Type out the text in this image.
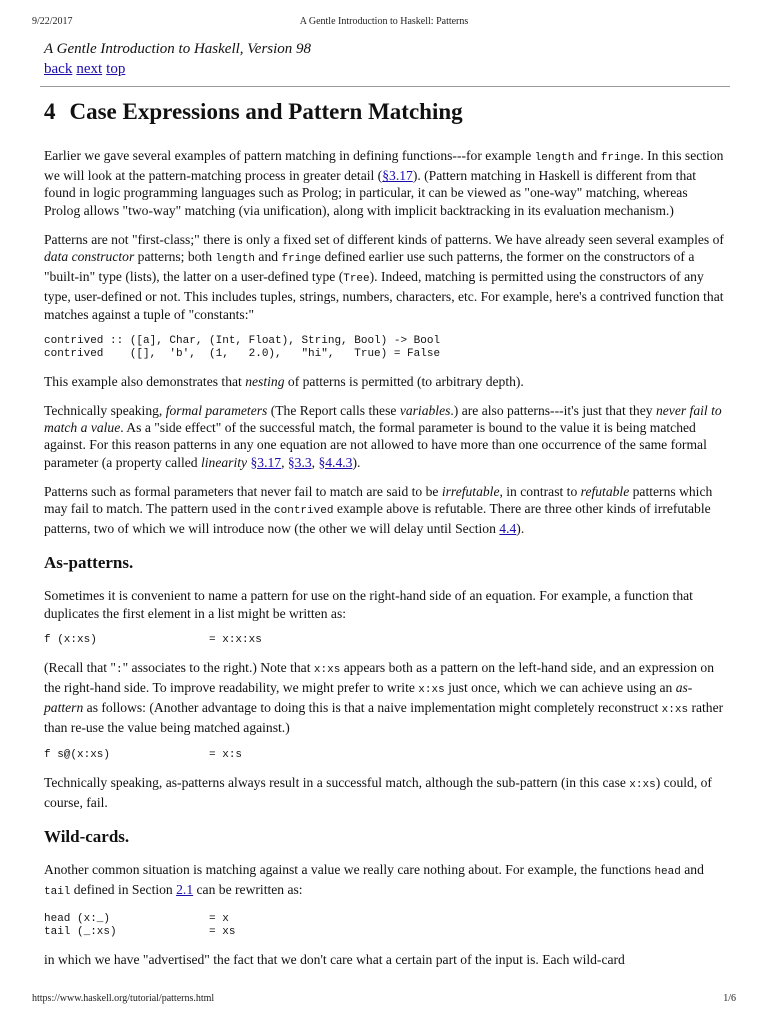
9/22/2017	A Gentle Introduction to Haskell: Patterns
A Gentle Introduction to Haskell, Version 98
back next top
4 Case Expressions and Pattern Matching

Earlier we gave several examples of pattern matching in defining functions---for example length and fringe. In this section we will look at the pattern-matching process in greater detail (§3.17). (Pattern matching in Haskell is different from that found in logic programming languages such as Prolog; in particular, it can be viewed as "one-way" matching, whereas Prolog allows "two-way" matching (via unification), along with implicit backtracking in its evaluation mechanism.)

Patterns are not "first-class;" there is only a fixed set of different kinds of patterns. We have already seen several examples of data constructor patterns; both length and fringe defined earlier use such patterns, the former on the constructors of a "built-in" type (lists), the latter on a user-defined type (Tree). Indeed, matching is permitted using the constructors of any type, user-defined or not. This includes tuples, strings, numbers, characters, etc. For example, here's a contrived function that matches against a tuple of "constants:"

contrived :: ([a], Char, (Int, Float), String, Bool) -> Bool
contrived    ([],  'b',  (1,   2.0),   "hi",   True) = False

This example also demonstrates that nesting of patterns is permitted (to arbitrary depth).

Technically speaking, formal parameters (The Report calls these variables.) are also patterns---it's just that they never fail to match a value. As a "side effect" of the successful match, the formal parameter is bound to the value it is being matched against. For this reason patterns in any one equation are not allowed to have more than one occurrence of the same formal parameter (a property called linearity §3.17, §3.3, §4.4.3).

Patterns such as formal parameters that never fail to match are said to be irrefutable, in contrast to refutable patterns which may fail to match. The pattern used in the contrived example above is refutable. There are three other kinds of irrefutable patterns, two of which we will introduce now (the other we will delay until Section 4.4).

As-patterns.

Sometimes it is convenient to name a pattern for use on the right-hand side of an equation. For example, a function that duplicates the first element in a list might be written as:

f (x:xs)                 = x:x:xs

(Recall that ":" associates to the right.) Note that x:xs appears both as a pattern on the left-hand side, and an expression on the right-hand side. To improve readability, we might prefer to write x:xs just once, which we can achieve using an as-pattern as follows: (Another advantage to doing this is that a naive implementation might completely reconstruct x:xs rather than re-use the value being matched against.)

f s@(x:xs)               = x:s

Technically speaking, as-patterns always result in a successful match, although the sub-pattern (in this case x:xs) could, of course, fail.

Wild-cards.

Another common situation is matching against a value we really care nothing about. For example, the functions head and tail defined in Section 2.1 can be rewritten as:

head (x:_)               = x
tail (_:xs)              = xs

in which we have "advertised" the fact that we don't care what a certain part of the input is. Each wild-card

https://www.haskell.org/tutorial/patterns.html	1/6
